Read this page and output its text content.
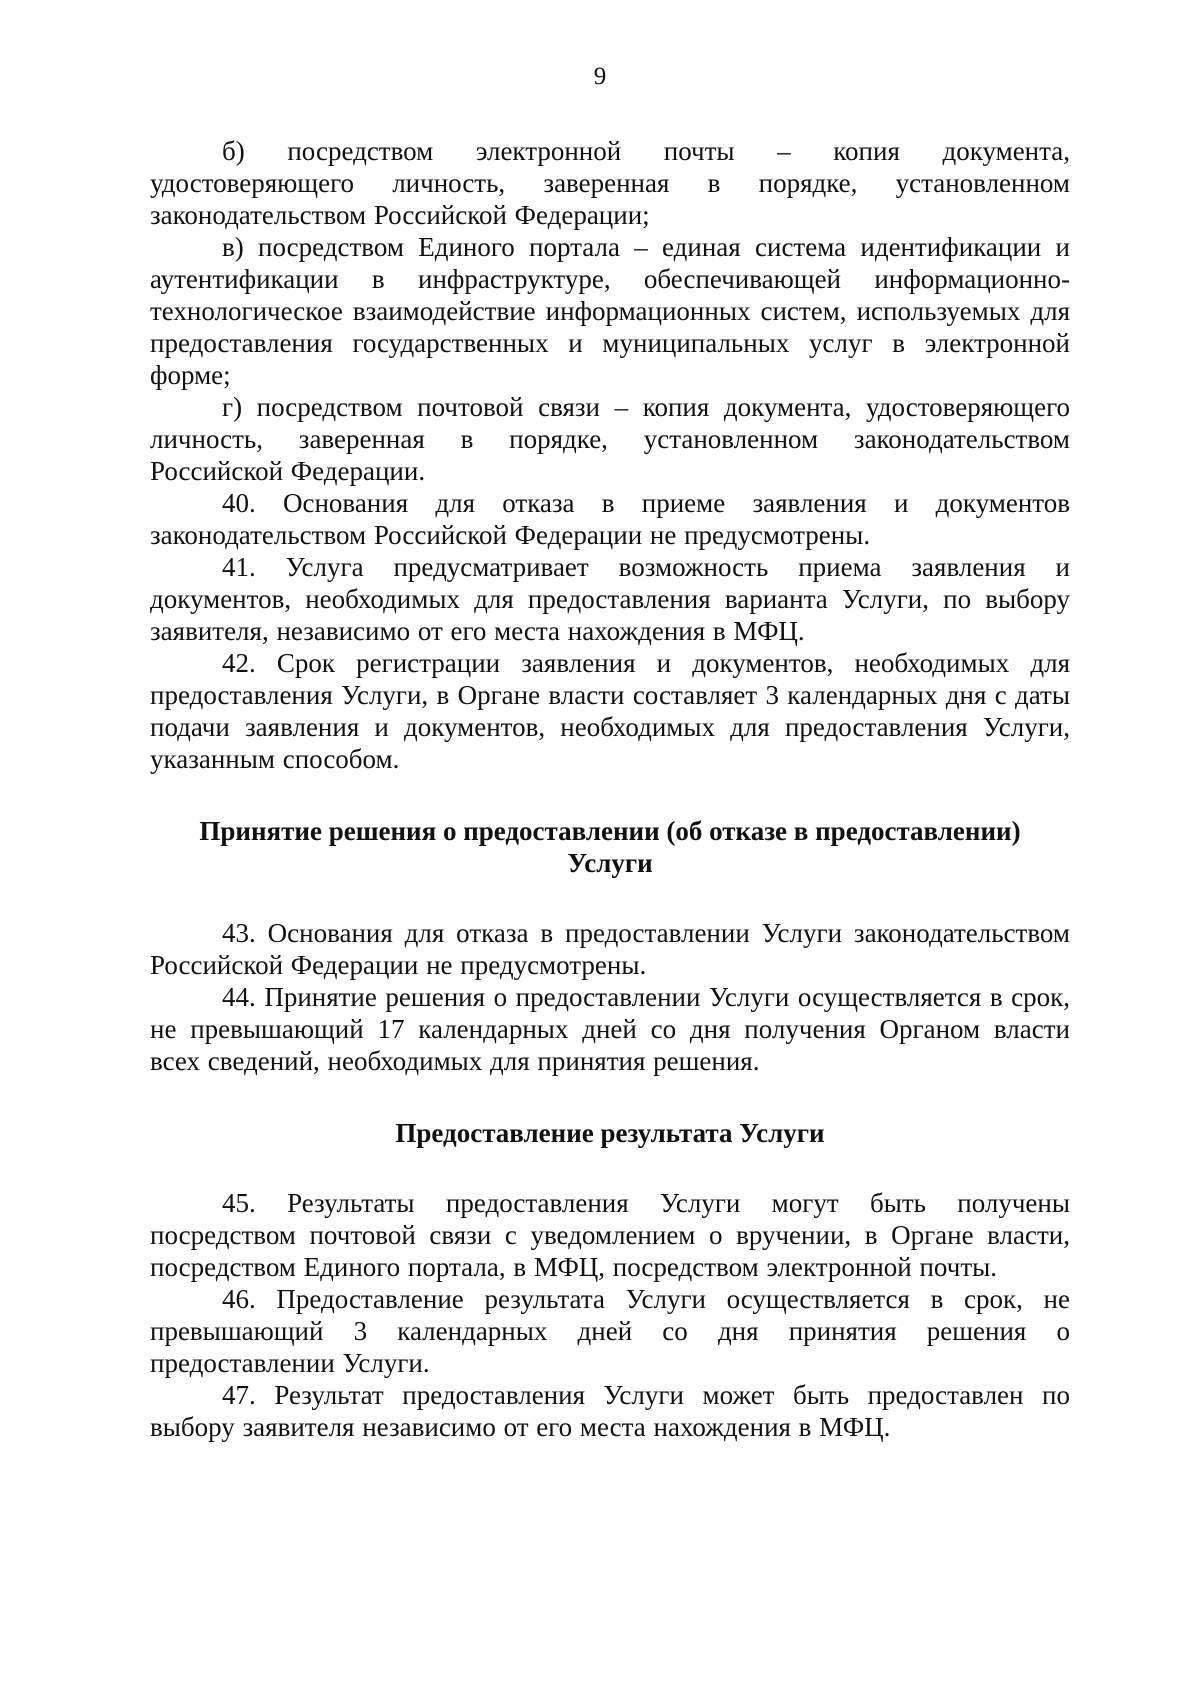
9

б) посредством электронной почты – копия документа, удостоверяющего личность, заверенная в порядке, установленном законодательством Российской Федерации;

в) посредством Единого портала – единая система идентификации и аутентификации в инфраструктуре, обеспечивающей информационно-технологическое взаимодействие информационных систем, используемых для предоставления государственных и муниципальных услуг в электронной форме;

г) посредством почтовой связи – копия документа, удостоверяющего личность, заверенная в порядке, установленном законодательством Российской Федерации.

40. Основания для отказа в приеме заявления и документов законодательством Российской Федерации не предусмотрены.

41. Услуга предусматривает возможность приема заявления и документов, необходимых для предоставления варианта Услуги, по выбору заявителя, независимо от его места нахождения в МФЦ.

42. Срок регистрации заявления и документов, необходимых для предоставления Услуги, в Органе власти составляет 3 календарных дня с даты подачи заявления и документов, необходимых для предоставления Услуги, указанным способом.

Принятие решения о предоставлении (об отказе в предоставлении)
Услуги

43. Основания для отказа в предоставлении Услуги законодательством Российской Федерации не предусмотрены.

44. Принятие решения о предоставлении Услуги осуществляется в срок, не превышающий 17 календарных дней со дня получения Органом власти всех сведений, необходимых для принятия решения.

Предоставление результата Услуги

45. Результаты предоставления Услуги могут быть получены посредством почтовой связи с уведомлением о вручении, в Органе власти, посредством Единого портала, в МФЦ, посредством электронной почты.

46. Предоставление результата Услуги осуществляется в срок, не превышающий 3 календарных дней со дня принятия решения о предоставлении Услуги.

47. Результат предоставления Услуги может быть предоставлен по выбору заявителя независимо от его места нахождения в МФЦ.
